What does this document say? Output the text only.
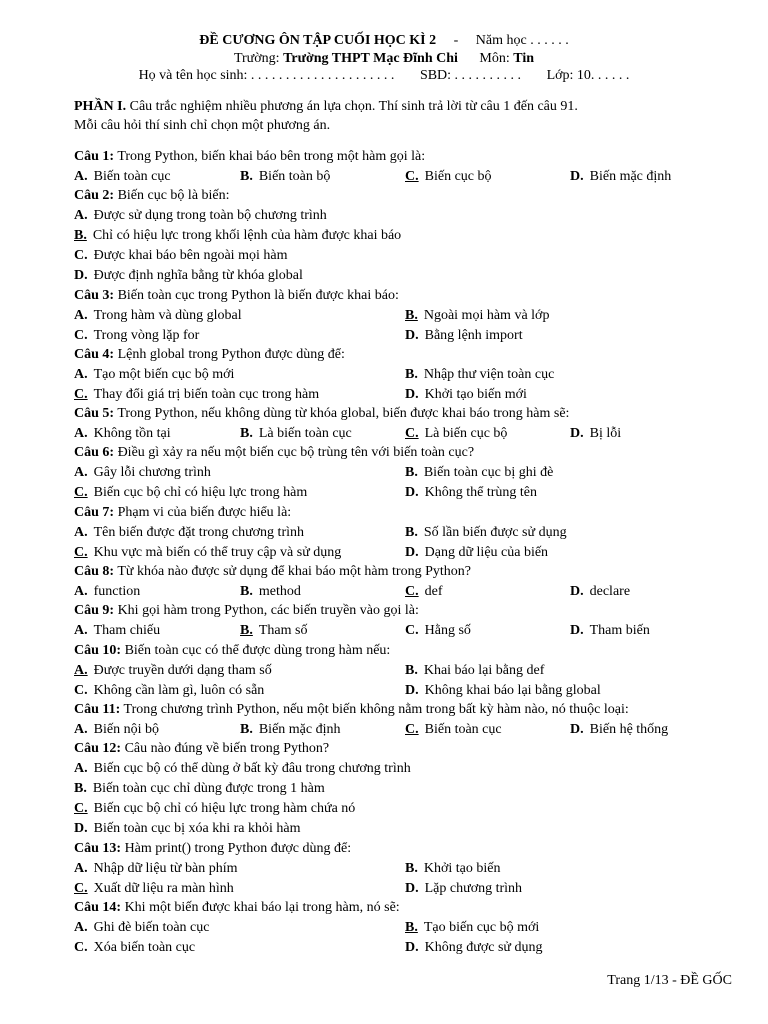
ĐỀ CƯƠNG ÔN TẬP CUỐI HỌC KÌ 2 - Năm học . . . . . .
Trường: Trường THPT Mạc Đĩnh Chi Môn: Tin
Họ và tên học sinh: . . . . . . . . . . . . . . . . . . . . . SBD: . . . . . . . . . . Lớp: 10. . . . . .
PHẦN I. Câu trắc nghiệm nhiều phương án lựa chọn. Thí sinh trả lời từ câu 1 đến câu 91.
Mỗi câu hỏi thí sinh chỉ chọn một phương án.
Câu 1: Trong Python, biến khai báo bên trong một hàm gọi là:
A. Biến toàn cục	B. Biến toàn bộ	C. Biến cục bộ	D. Biến mặc định
Câu 2: Biến cục bộ là biến:
A. Được sử dụng trong toàn bộ chương trình
B. Chỉ có hiệu lực trong khối lệnh của hàm được khai báo
C. Được khai báo bên ngoài mọi hàm
D. Được định nghĩa bằng từ khóa global
Câu 3: Biến toàn cục trong Python là biến được khai báo:
A. Trong hàm và dùng global	B. Ngoài mọi hàm và lớp
C. Trong vòng lặp for	D. Bằng lệnh import
Câu 4: Lệnh global trong Python được dùng để:
A. Tạo một biến cục bộ mới	B. Nhập thư viện toàn cục
C. Thay đổi giá trị biến toàn cục trong hàm	D. Khởi tạo biến mới
Câu 5: Trong Python, nếu không dùng từ khóa global, biến được khai báo trong hàm sẽ:
A. Không tồn tại	B. Là biến toàn cục	C. Là biến cục bộ	D. Bị lỗi
Câu 6: Điều gì xảy ra nếu một biến cục bộ trùng tên với biến toàn cục?
A. Gây lỗi chương trình	B. Biến toàn cục bị ghi đè
C. Biến cục bộ chỉ có hiệu lực trong hàm	D. Không thể trùng tên
Câu 7: Phạm vi của biến được hiểu là:
A. Tên biến được đặt trong chương trình	B. Số lần biến được sử dụng
C. Khu vực mà biến có thể truy cập và sử dụng	D. Dạng dữ liệu của biến
Câu 8: Từ khóa nào được sử dụng để khai báo một hàm trong Python?
A. function	B. method	C. def	D. declare
Câu 9: Khi gọi hàm trong Python, các biến truyền vào gọi là:
A. Tham chiếu	B. Tham số	C. Hằng số	D. Tham biến
Câu 10: Biến toàn cục có thể được dùng trong hàm nếu:
A. Được truyền dưới dạng tham số	B. Khai báo lại bằng def
C. Không cần làm gì, luôn có sẵn	D. Không khai báo lại bằng global
Câu 11: Trong chương trình Python, nếu một biến không nằm trong bất kỳ hàm nào, nó thuộc loại:
A. Biến nội bộ	B. Biến mặc định	C. Biến toàn cục	D. Biến hệ thống
Câu 12: Câu nào đúng về biến trong Python?
A. Biến cục bộ có thể dùng ở bất kỳ đâu trong chương trình
B. Biến toàn cục chỉ dùng được trong 1 hàm
C. Biến cục bộ chỉ có hiệu lực trong hàm chứa nó
D. Biến toàn cục bị xóa khi ra khỏi hàm
Câu 13: Hàm print() trong Python được dùng để:
A. Nhập dữ liệu từ bàn phím	B. Khởi tạo biến
C. Xuất dữ liệu ra màn hình	D. Lặp chương trình
Câu 14: Khi một biến được khai báo lại trong hàm, nó sẽ:
A. Ghi đè biến toàn cục	B. Tạo biến cục bộ mới
C. Xóa biến toàn cục	D. Không được sử dụng
Trang 1/13 - ĐỀ GỐC
